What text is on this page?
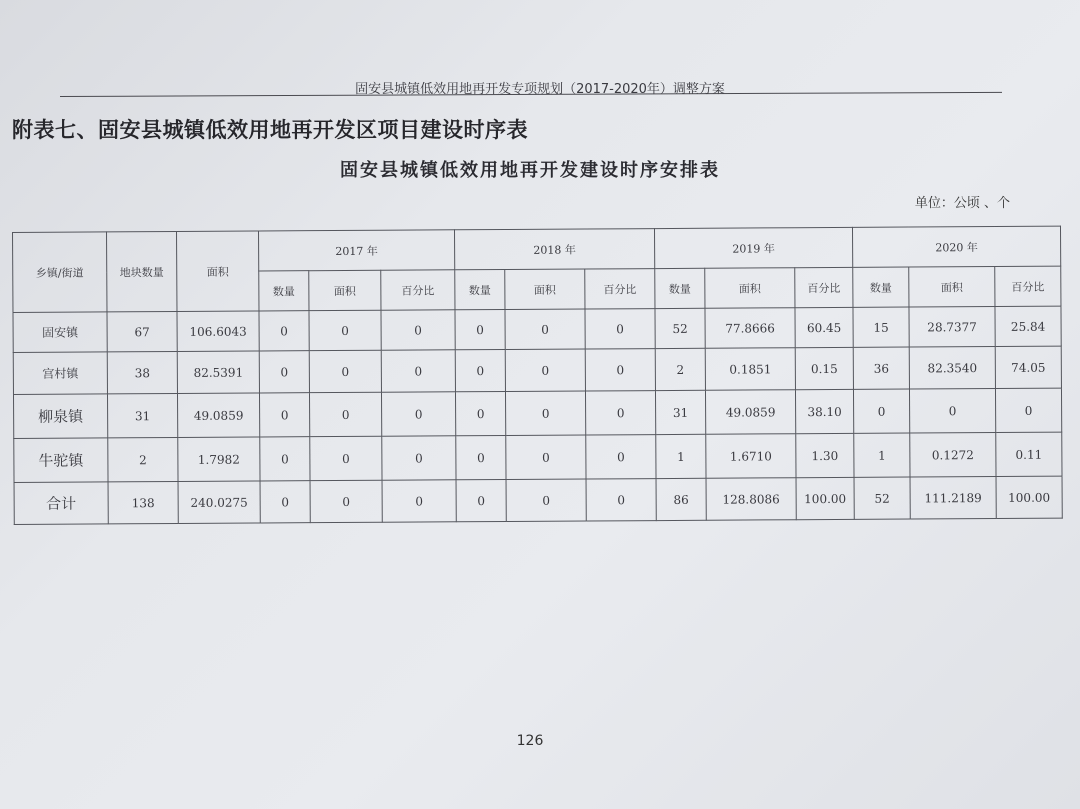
固安县城镇低效用地再开发专项规划（2017-2020年）调整方案
附表七、固安县城镇低效用地再开发区项目建设时序表
固安县城镇低效用地再开发建设时序安排表
单位：公顷 、个
乡镇/街道	地块数量	面积	2017 年			2018 年			2019 年			2020 年		
			数量	面积	百分比	数量	面积	百分比	数量	面积	百分比	数量	面积	百分比
固安镇	67	106.6043	0	0	0	0	0	0	52	77.8666	60.45	15	28.7377	25.84
宫村镇	38	82.5391	0	0	0	0	0	0	2	0.1851	0.15	36	82.3540	74.05
柳泉镇	31	49.0859	0	0	0	0	0	0	31	49.0859	38.10	0	0	0
牛驼镇	2	1.7982	0	0	0	0	0	0	1	1.6710	1.30	1	0.1272	0.11
合计	138	240.0275	0	0	0	0	0	0	86	128.8086	100.00	52	111.2189	100.00
126
